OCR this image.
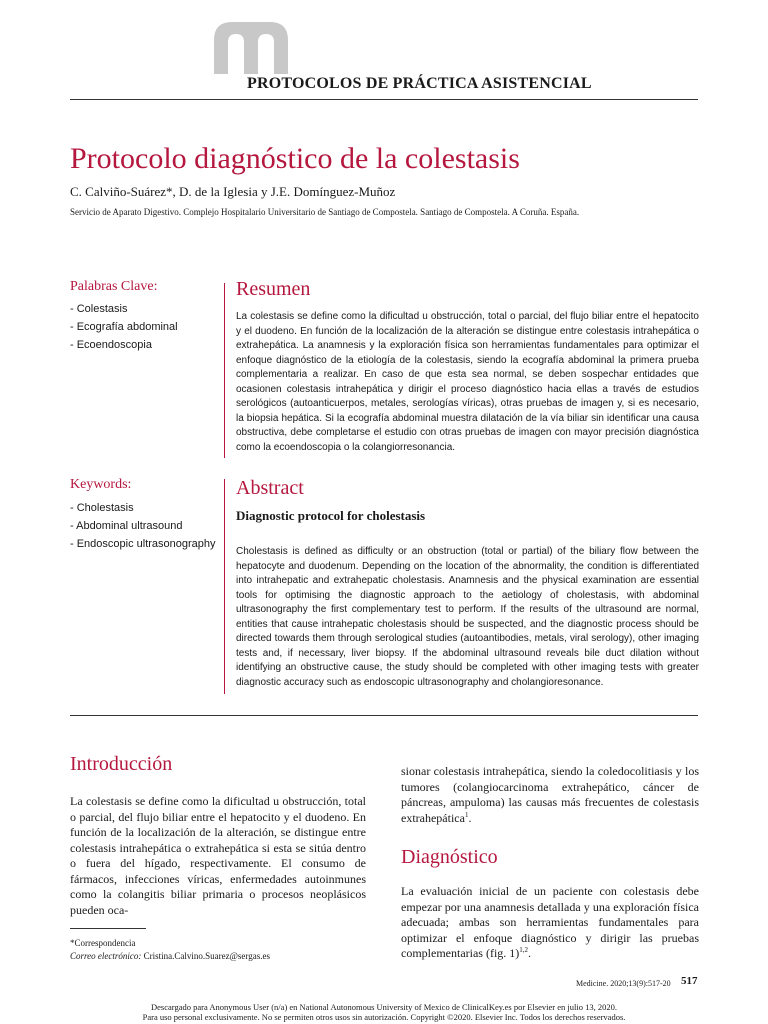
PROTOCOLOS DE PRÁCTICA ASISTENCIAL
Protocolo diagnóstico de la colestasis
C. Calviño-Suárez*, D. de la Iglesia y J.E. Domínguez-Muñoz
Servicio de Aparato Digestivo. Complejo Hospitalario Universitario de Santiago de Compostela. Santiago de Compostela. A Coruña. España.
Palabras Clave:
- Colestasis
- Ecografía abdominal
- Ecoendoscopia
Resumen

La colestasis se define como la dificultad u obstrucción, total o parcial, del flujo biliar entre el hepatocito y el duodeno. En función de la localización de la alteración se distingue entre colestasis intrahepática o extrahepática. La anamnesis y la exploración física son herramientas fundamentales para optimizar el enfoque diagnóstico de la etiología de la colestasis, siendo la ecografía abdominal la primera prueba complementaria a realizar. En caso de que esta sea normal, se deben sospechar entidades que ocasionen colestasis intrahepática y dirigir el proceso diagnóstico hacia ellas a través de estudios serológicos (autoanticuerpos, metales, serologías víricas), otras pruebas de imagen y, si es necesario, la biopsia hepática. Si la ecografía abdominal muestra dilatación de la vía biliar sin identificar una causa obstructiva, debe completarse el estudio con otras pruebas de imagen con mayor precisión diagnóstica como la ecoendoscopia o la colangiorresonancia.

Keywords:
- Cholestasis
- Abdominal ultrasound
- Endoscopic ultrasonography
Abstract
Diagnostic protocol for cholestasis

Cholestasis is defined as difficulty or an obstruction (total or partial) of the biliary flow between the hepatocyte and duodenum. Depending on the location of the abnormality, the condition is differentiated into intrahepatic and extrahepatic cholestasis. Anamnesis and the physical examination are essential tools for optimising the diagnostic approach to the aetiology of cholestasis, with abdominal ultrasonography the first complementary test to perform. If the results of the ultrasound are normal, entities that cause intrahepatic cholestasis should be suspected, and the diagnostic process should be directed towards them through serological studies (autoantibodies, metals, viral serology), other imaging tests and, if necessary, liver biopsy. If the abdominal ultrasound reveals bile duct dilation without identifying an obstructive cause, the study should be completed with other imaging tests with greater diagnostic accuracy such as endoscopic ultrasonography and cholangioresonance.

Introducción

La colestasis se define como la dificultad u obstrucción, total o parcial, del flujo biliar entre el hepatocito y el duodeno. En función de la localización de la alteración, se distingue entre colestasis intrahepática o extrahepática si esta se sitúa dentro o fuera del hígado, respectivamente. El consumo de fármacos, infecciones víricas, enfermedades autoinmunes como la colangitis biliar primaria o procesos neoplásicos pueden oca-

*Correspondencia
Correo electrónico: Cristina.Calvino.Suarez@sergas.es

sionar colestasis intrahepática, siendo la coledocolitiasis y los tumores (colangiocarcinoma extrahepático, cáncer de páncreas, ampuloma) las causas más frecuentes de colestasis extrahepática$^1$.

Diagnóstico

La evaluación inicial de un paciente con colestasis debe empezar por una anamnesis detallada y una exploración física adecuada; ambas son herramientas fundamentales para optimizar el enfoque diagnóstico y dirigir las pruebas complementarias (fig. 1)$^{1,2}$.

Medicine. 2020;13(9):517-20 517
Descargado para Anonymous User (n/a) en National Autonomous University of Mexico de ClinicalKey.es por Elsevier en julio 13, 2020.
Para uso personal exclusivamente. No se permiten otros usos sin autorización. Copyright ©2020. Elsevier Inc. Todos los derechos reservados.
